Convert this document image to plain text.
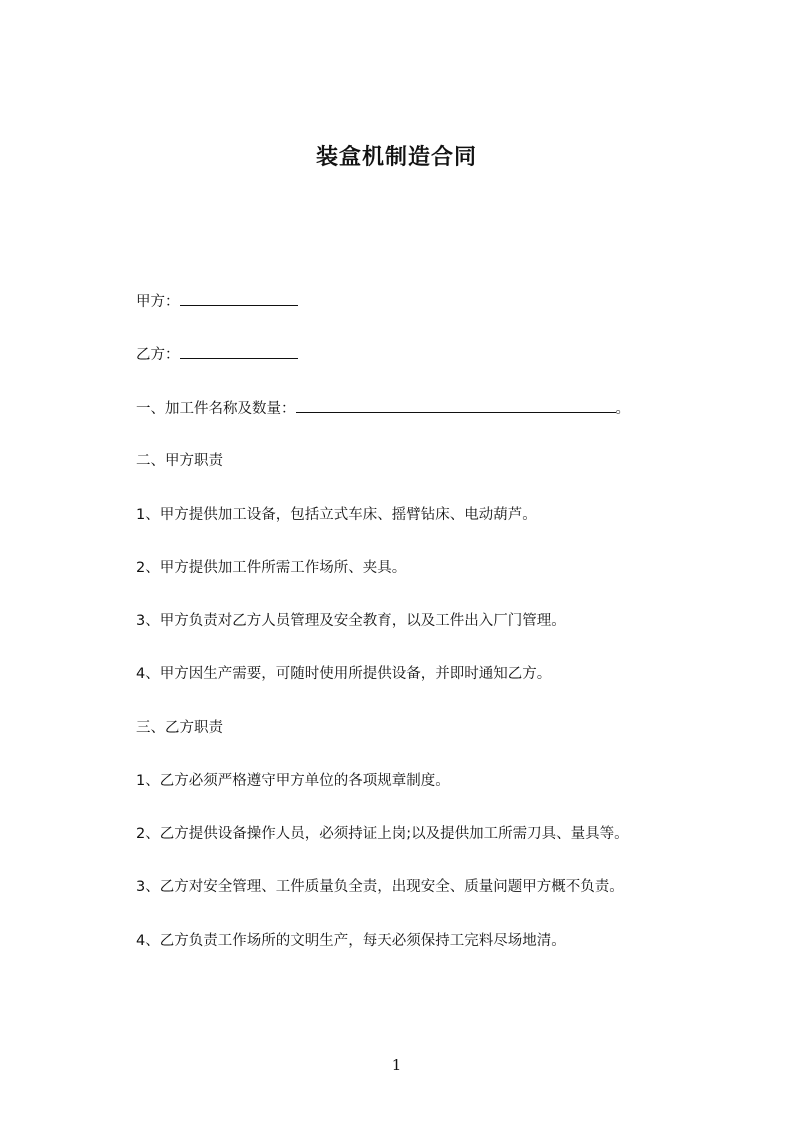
装盒机制造合同
甲方：
乙方：
一、加工件名称及数量：	。
二、甲方职责
1、甲方提供加工设备，包括立式车床、摇臂钻床、电动葫芦。
2、甲方提供加工件所需工作场所、夹具。
3、甲方负责对乙方人员管理及安全教育，以及工件出入厂门管理。
4、甲方因生产需要，可随时使用所提供设备，并即时通知乙方。
三、乙方职责
1、乙方必须严格遵守甲方单位的各项规章制度。
2、乙方提供设备操作人员，必须持证上岗;以及提供加工所需刀具、量具等。
3、乙方对安全管理、工件质量负全责，出现安全、质量问题甲方概不负责。
4、乙方负责工作场所的文明生产，每天必须保持工完料尽场地清。
1
